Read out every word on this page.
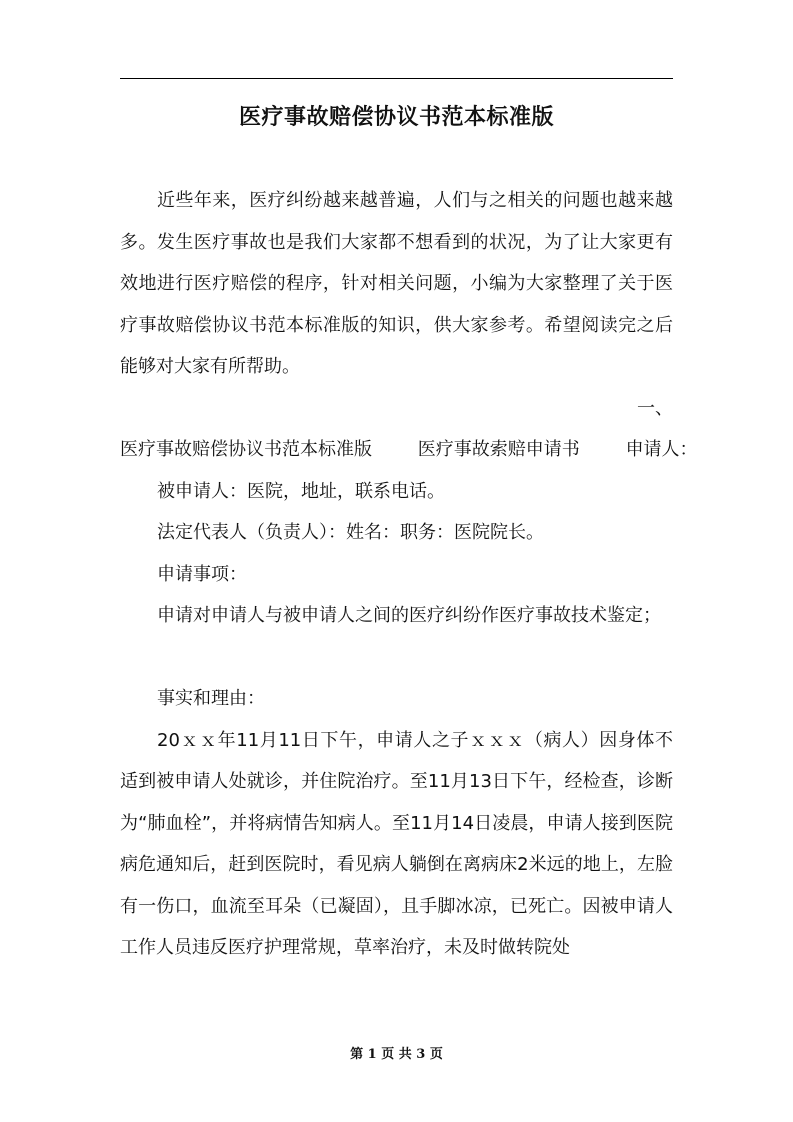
医疗事故赔偿协议书范本标准版

近些年来，医疗纠纷越来越普遍，人们与之相关的问题也越来越多。发生医疗事故也是我们大家都不想看到的状况，为了让大家更有效地进行医疗赔偿的程序，针对相关问题，小编为大家整理了关于医疗事故赔偿协议书范本标准版的知识，供大家参考。希望阅读完之后能够对大家有所帮助。

一、

医疗事故赔偿协议书范本标准版	医疗事故索赔申请书	申请人：

被申请人：医院，地址，联系电话。

法定代表人（负责人）：姓名：职务：医院院长。

申请事项：

申请对申请人与被申请人之间的医疗纠纷作医疗事故技术鉴定；

事实和理由：

20ｘｘ年11月11日下午，申请人之子ｘｘｘ（病人）因身体不适到被申请人处就诊，并住院治疗。至11月13日下午，经检查，诊断为“肺血栓”，并将病情告知病人。至11月14日凌晨，申请人接到医院病危通知后，赶到医院时，看见病人躺倒在离病床2米远的地上，左脸有一伤口，血流至耳朵（已凝固），且手脚冰凉，已死亡。因被申请人工作人员违反医疗护理常规，草率治疗，未及时做转院处

第 1 页 共 3 页
